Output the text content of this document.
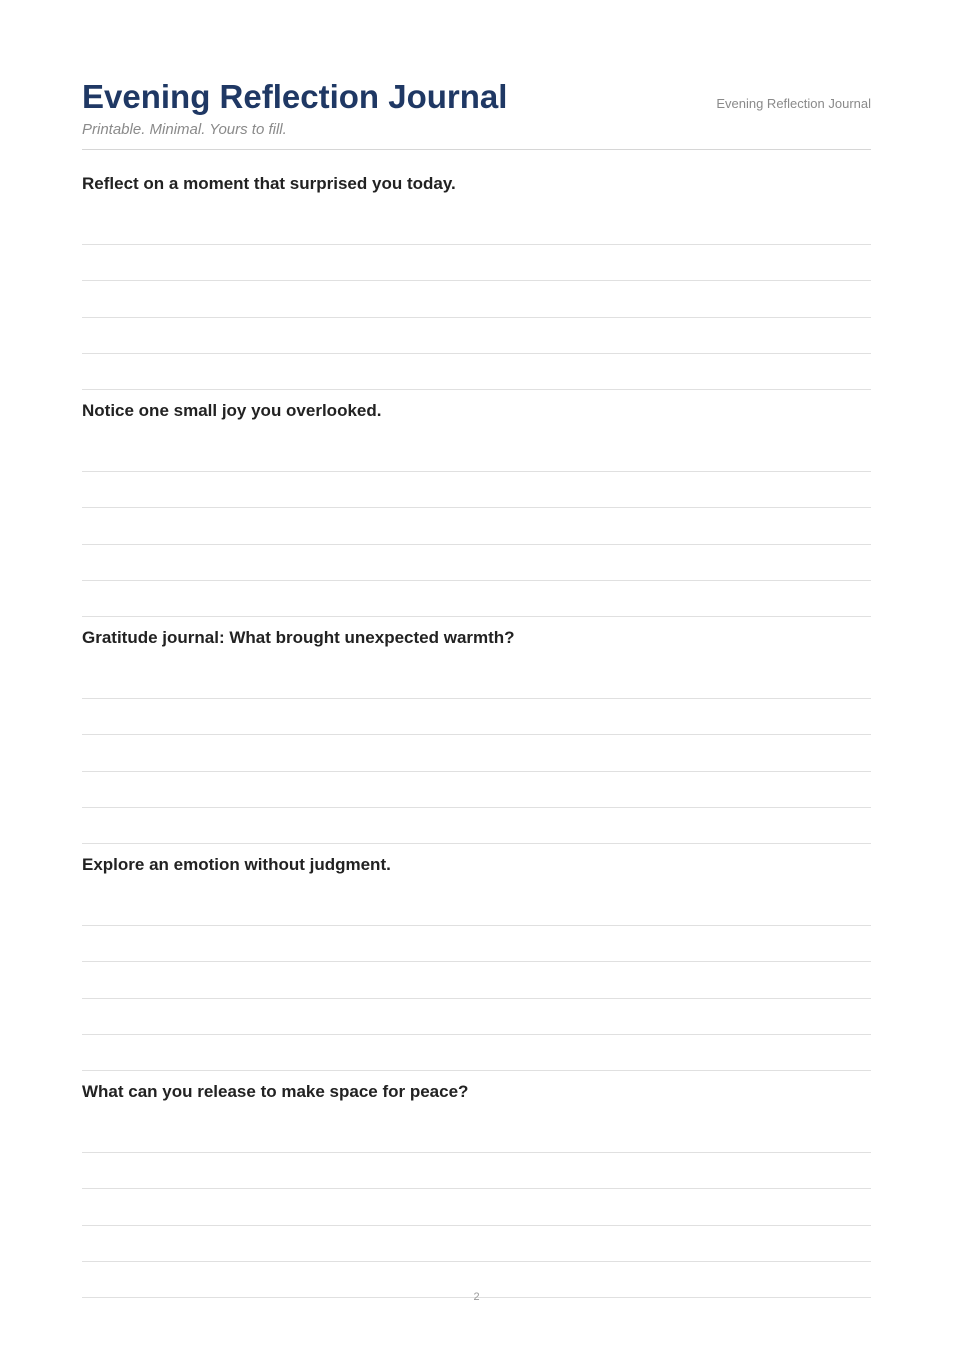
Evening Reflection Journal
Printable. Minimal. Yours to fill.
Evening Reflection Journal
Reflect on a moment that surprised you today.
Notice one small joy you overlooked.
Gratitude journal: What brought unexpected warmth?
Explore an emotion without judgment.
What can you release to make space for peace?
2
